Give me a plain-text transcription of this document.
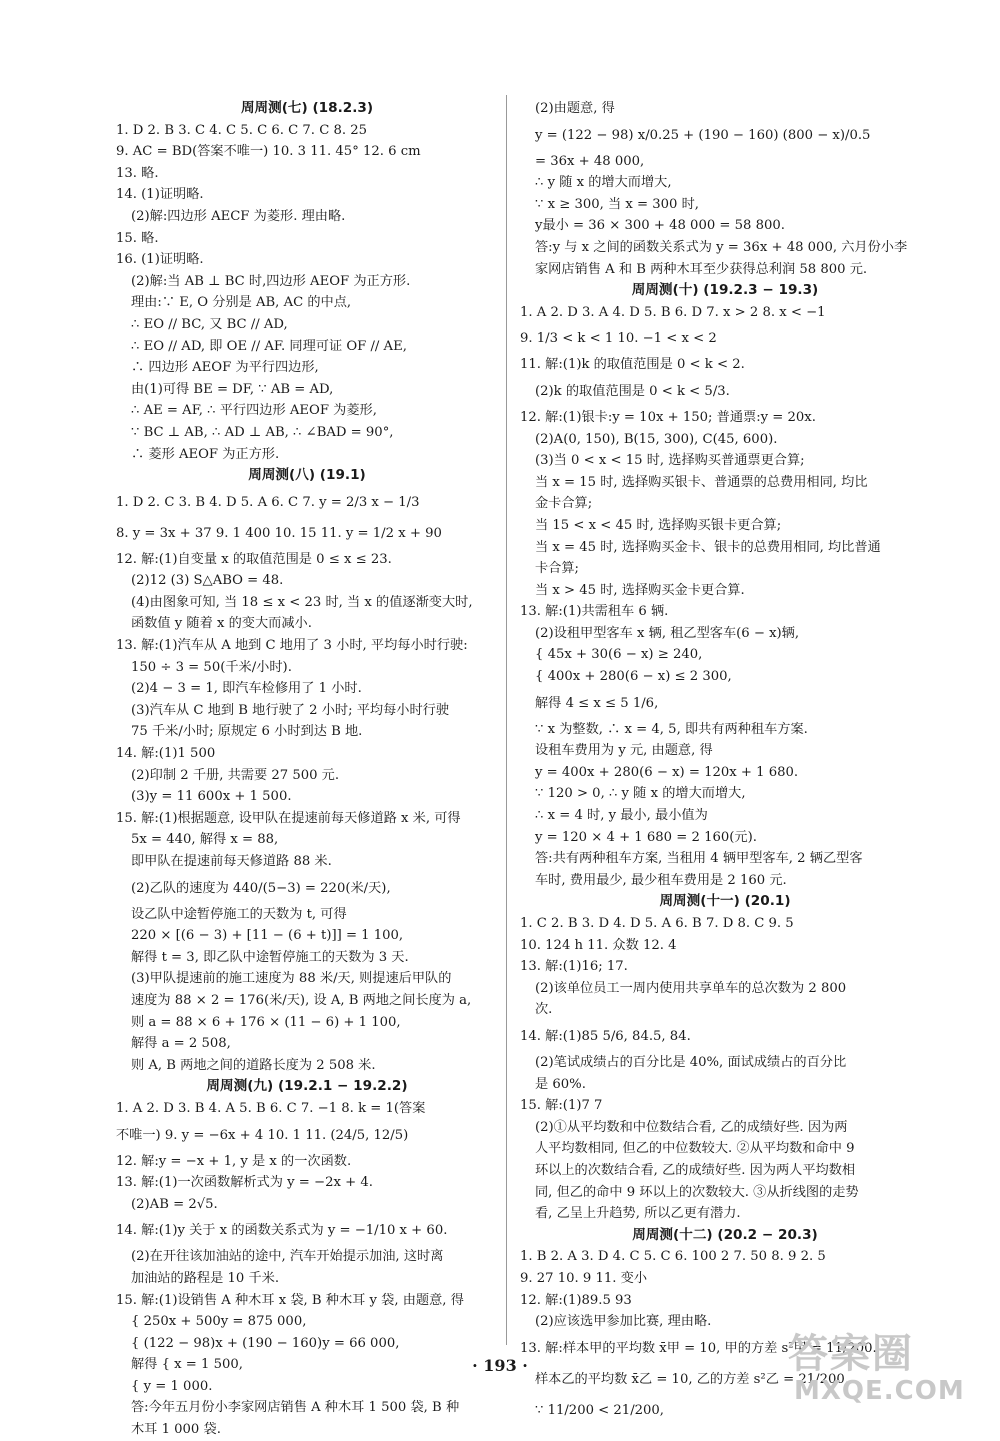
周周测(七) (18.2.3)
1. D 2. B 3. C 4. C 5. C 6. C 7. C 8. 25
9. AC = BD(答案不唯一) 10. 3 11. 45° 12. 6 cm
13. 略.
14. (1)证明略.
(2)解:四边形 AECF 为菱形. 理由略.
15. 略.
16. (1)证明略.
(2)解:当 AB ⊥ BC 时,四边形 AEOF 为正方形.
理由:∵ E, O 分别是 AB, AC 的中点,
∴ EO // BC, 又 BC // AD,
∴ EO // AD, 即 OE // AF. 同理可证 OF // AE,
∴ 四边形 AEOF 为平行四边形,
由(1)可得 BE = DF, ∵ AB = AD,
∴ AE = AF, ∴ 平行四边形 AEOF 为菱形,
∵ BC ⊥ AB, ∴ AD ⊥ AB, ∴ ∠BAD = 90°,
∴ 菱形 AEOF 为正方形.
周周测(八) (19.1)
1. D 2. C 3. B 4. D 5. A 6. C 7. y = 2/3 x − 1/3
8. y = 3x + 37 9. 1 400 10. 15 11. y = 1/2 x + 90
12. 解:(1)自变量 x 的取值范围是 0 ≤ x ≤ 23.
(2)12 (3) S△ABO = 48.
(4)由图象可知, 当 18 ≤ x < 23 时, 当 x 的值逐渐变大时,
函数值 y 随着 x 的变大而减小.
13. 解:(1)汽车从 A 地到 C 地用了 3 小时, 平均每小时行驶:
150 ÷ 3 = 50(千米/小时).
(2)4 − 3 = 1, 即汽车检修用了 1 小时.
(3)汽车从 C 地到 B 地行驶了 2 小时; 平均每小时行驶
75 千米/小时; 原规定 6 小时到达 B 地.
14. 解:(1)1 500
(2)印制 2 千册, 共需要 27 500 元.
(3)y = 11 600x + 1 500.
15. 解:(1)根据题意, 设甲队在提速前每天修道路 x 米, 可得
5x = 440, 解得 x = 88,
即甲队在提速前每天修道路 88 米.
(2)乙队的速度为 440/(5−3) = 220(米/天),
设乙队中途暂停施工的天数为 t, 可得
220 × [(6 − 3) + [11 − (6 + t)]] = 1 100,
解得 t = 3, 即乙队中途暂停施工的天数为 3 天.
(3)甲队提速前的施工速度为 88 米/天, 则提速后甲队的
速度为 88 × 2 = 176(米/天), 设 A, B 两地之间长度为 a,
则 a = 88 × 6 + 176 × (11 − 6) + 1 100,
解得 a = 2 508,
则 A, B 两地之间的道路长度为 2 508 米.
周周测(九) (19.2.1 − 19.2.2)
1. A 2. D 3. B 4. A 5. B 6. C 7. −1 8. k = 1(答案
不唯一) 9. y = −6x + 4 10. 1 11. (24/5, 12/5)
12. 解:y = −x + 1, y 是 x 的一次函数.
13. 解:(1)一次函数解析式为 y = −2x + 4.
(2)AB = 2√5.
14. 解:(1)y 关于 x 的函数关系式为 y = −1/10 x + 60.
(2)在开往该加油站的途中, 汽车开始提示加油, 这时离
加油站的路程是 10 千米.
15. 解:(1)设销售 A 种木耳 x 袋, B 种木耳 y 袋, 由题意, 得
{ 250x + 500y = 875 000,
{ (122 − 98)x + (190 − 160)y = 66 000,
解得 { x = 1 500,
{ y = 1 000.
答:今年五月份小李家网店销售 A 种木耳 1 500 袋, B 种
木耳 1 000 袋.
(2)由题意, 得
y = (122 − 98) x/0.25 + (190 − 160) (800 − x)/0.5
= 36x + 48 000,
∴ y 随 x 的增大而增大,
∵ x ≥ 300, 当 x = 300 时,
y最小 = 36 × 300 + 48 000 = 58 800.
答:y 与 x 之间的函数关系式为 y = 36x + 48 000, 六月份小李
家网店销售 A 和 B 两种木耳至少获得总利润 58 800 元.
周周测(十) (19.2.3 − 19.3)
1. A 2. D 3. A 4. D 5. B 6. D 7. x > 2 8. x < −1
9. 1/3 < k < 1 10. −1 < x < 2
11. 解:(1)k 的取值范围是 0 < k < 2.
(2)k 的取值范围是 0 < k < 5/3.
12. 解:(1)银卡:y = 10x + 150; 普通票:y = 20x.
(2)A(0, 150), B(15, 300), C(45, 600).
(3)当 0 < x < 15 时, 选择购买普通票更合算;
当 x = 15 时, 选择购买银卡、普通票的总费用相同, 均比
金卡合算;
当 15 < x < 45 时, 选择购买银卡更合算;
当 x = 45 时, 选择购买金卡、银卡的总费用相同, 均比普通
卡合算;
当 x > 45 时, 选择购买金卡更合算.
13. 解:(1)共需租车 6 辆.
(2)设租甲型客车 x 辆, 租乙型客车(6 − x)辆,
{ 45x + 30(6 − x) ≥ 240,
{ 400x + 280(6 − x) ≤ 2 300,
解得 4 ≤ x ≤ 5 1/6,
∵ x 为整数, ∴ x = 4, 5, 即共有两种租车方案.
设租车费用为 y 元, 由题意, 得
y = 400x + 280(6 − x) = 120x + 1 680.
∵ 120 > 0, ∴ y 随 x 的增大而增大,
∴ x = 4 时, y 最小, 最小值为
y = 120 × 4 + 1 680 = 2 160(元).
答:共有两种租车方案, 当租用 4 辆甲型客车, 2 辆乙型客
车时, 费用最少, 最少租车费用是 2 160 元.
周周测(十一) (20.1)
1. C 2. B 3. D 4. D 5. A 6. B 7. D 8. C 9. 5
10. 124 h 11. 众数 12. 4
13. 解:(1)16; 17.
(2)该单位员工一周内使用共享单车的总次数为 2 800
次.
14. 解:(1)85 5/6, 84.5, 84.
(2)笔试成绩占的百分比是 40%, 面试成绩占的百分比
是 60%.
15. 解:(1)7 7
(2)①从平均数和中位数结合看, 乙的成绩好些. 因为两
人平均数相同, 但乙的中位数较大. ②从平均数和命中 9
环以上的次数结合看, 乙的成绩好些. 因为两人平均数相
同, 但乙的命中 9 环以上的次数较大. ③从折线图的走势
看, 乙呈上升趋势, 所以乙更有潜力.
周周测(十二) (20.2 − 20.3)
1. B 2. A 3. D 4. C 5. C 6. 100 2 7. 50 8. 9 2. 5
9. 27 10. 9 11. 变小
12. 解:(1)89.5 93
(2)应该选甲参加比赛, 理由略.
13. 解:样本甲的平均数 x̄甲 = 10, 甲的方差 s²甲 = 11/200.
样本乙的平均数 x̄乙 = 10, 乙的方差 s²乙 = 21/200,
∵ 11/200 < 21/200,
· 193 ·	答案圈
MXQE.COM
